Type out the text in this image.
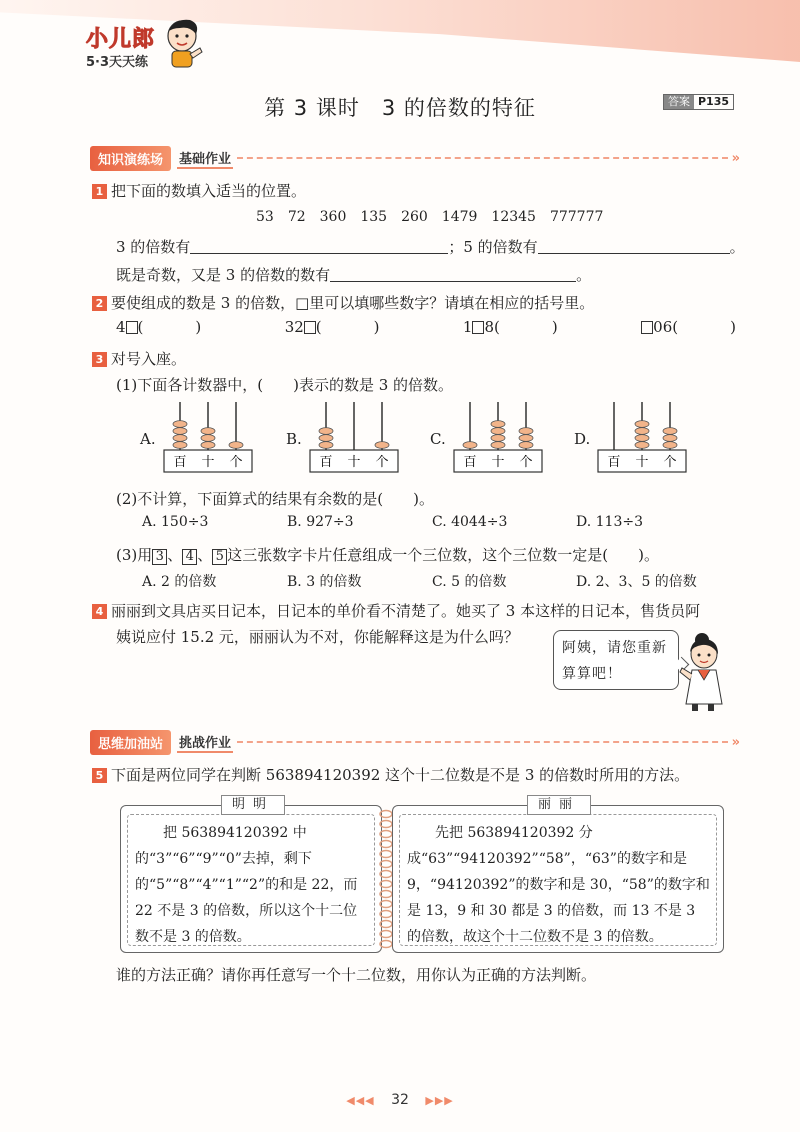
小儿郎
5·3天天练
第 3 课时　3 的倍数的特征	答案 P135
知识演练场	基础作业	»
1 把下面的数填入适当的位置。
53　72　360　135　260　1479　12345　777777
3 的倍数有	；5 的倍数有	。
既是奇数，又是 3 的倍数的数有	。
2 要使组成的数是 3 的倍数，□里可以填哪些数字？请填在相应的括号里。
4 (	)	32 (	)	1 8(	)	06(	)
3 对号入座。
(1)下面各计数器中，(　　)表示的数是 3 的倍数。
A.
百 十 个
B.
百 十 个
C.
百 十 个
D.
百 十 个
(2)不计算，下面算式的结果有余数的是(　　)。
A. 150÷3	B. 927÷3	C. 4044÷3	D. 113÷3
(3)用 3 、 4 、 5 这三张数字卡片任意组成一个三位数，这个三位数一定是(　　)。
A. 2 的倍数	B. 3 的倍数	C. 5 的倍数	D. 2、3、5 的倍数
4 丽丽到文具店买日记本，日记本的单价看不清楚了。她买了 3 本这样的日记本，售货员阿
姨说应付 15.2 元，丽丽认为不对，你能解释这是为什么吗？
阿姨，请您重新算算吧！
思维加油站	挑战作业	»
5 下面是两位同学在判断 563894120392 这个十二位数是不是 3 的倍数时所用的方法。
明明
把 563894120392 中的“3”“6”“9”“0”去掉，剩下的“5”“8”“4”“1”“2”的和是 22，而 22 不是 3 的倍数，所以这个十二位数不是 3 的倍数。
丽丽
先把 563894120392 分成“63”“94120392”“58”，“63”的数字和是 9，“94120392”的数字和是 30，“58”的数字和是 13，9 和 30 都是 3 的倍数，而 13 不是 3 的倍数，故这个十二位数不是 3 的倍数。
谁的方法正确？请你再任意写一个十二位数，用你认为正确的方法判断。
◀◀◀ 32 ▶▶▶
